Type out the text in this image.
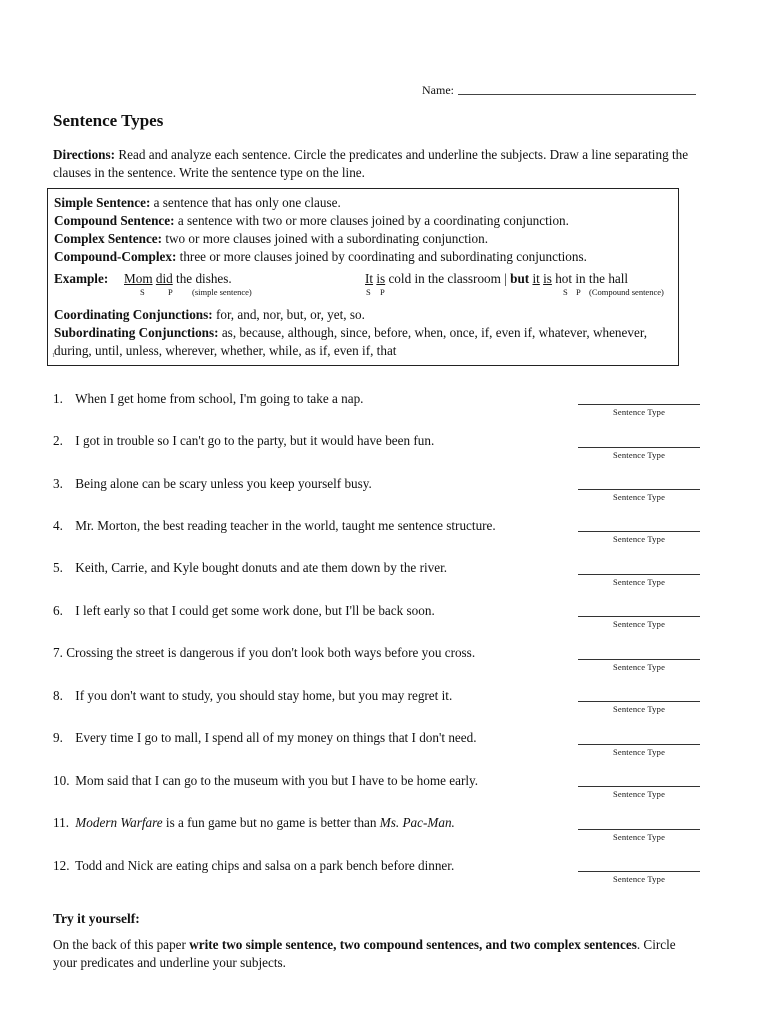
Name:
Sentence Types
Directions: Read and analyze each sentence. Circle the predicates and underline the subjects. Draw a line separating the clauses in the sentence. Write the sentence type on the line.
Simple Sentence: a sentence that has only one clause.
Compound Sentence: a sentence with two or more clauses joined by a coordinating conjunction.
Complex Sentence: two or more clauses joined with a subordinating conjunction.
Compound-Complex: three or more clauses joined by coordinating and subordinating conjunctions.
Example: Mom did the dishes.
S	P (simple sentence)
It is cold in the classroom | but it is hot in the hall
S P	S P (Compound sentence)
Coordinating Conjunctions: for, and, nor, but, or, yet, so.
Subordinating Conjunctions: as, because, although, since, before, when, once, if, even if, whatever, whenever, during, until, unless, wherever, whether, while, as if, even if, that
1
1. When I get home from school, I'm going to take a nap.
Sentence Type
2. I got in trouble so I can't go to the party, but it would have been fun.
Sentence Type
3. Being alone can be scary unless you keep yourself busy.
Sentence Type
4. Mr. Morton, the best reading teacher in the world, taught me sentence structure.
Sentence Type
5. Keith, Carrie, and Kyle bought donuts and ate them down by the river.
Sentence Type
6. I left early so that I could get some work done, but I'll be back soon.
Sentence Type
7. Crossing the street is dangerous if you don't look both ways before you cross.
Sentence Type
8. If you don't want to study, you should stay home, but you may regret it.
Sentence Type
9. Every time I go to mall, I spend all of my money on things that I don't need.
Sentence Type
10. Mom said that I can go to the museum with you but I have to be home early.
Sentence Type
11. Modern Warfare is a fun game but no game is better than Ms. Pac-Man.
Sentence Type
12. Todd and Nick are eating chips and salsa on a park bench before dinner.
Sentence Type
Try it yourself:
On the back of this paper write two simple sentence, two compound sentences, and two complex sentences. Circle your predicates and underline your subjects.
